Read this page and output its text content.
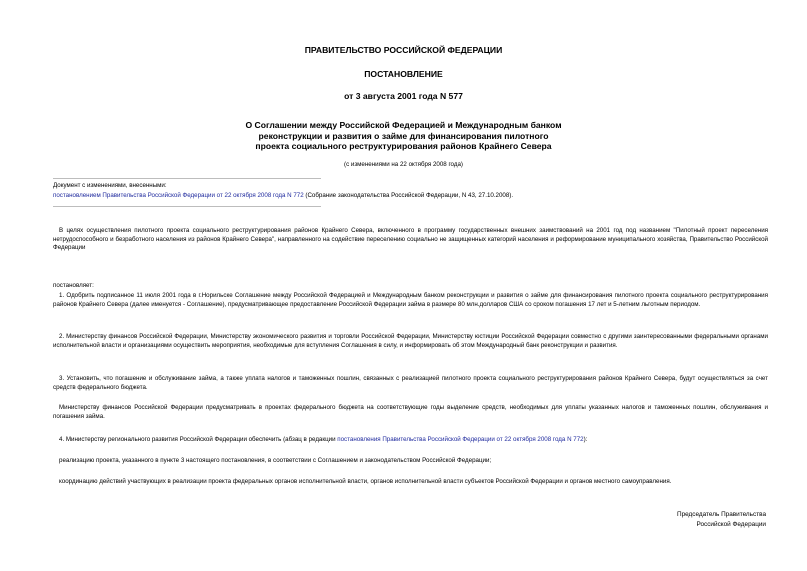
ПРАВИТЕЛЬСТВО РОССИЙСКОЙ ФЕДЕРАЦИИ
ПОСТАНОВЛЕНИЕ
от 3 августа 2001 года N 577
О Соглашении между Российской Федерацией и Международным банком
реконструкции и развития о займе для финансирования пилотного
проекта социального реструктурирования районов Крайнего Севера
(с изменениями на 22 октября 2008 года)
Документ с изменениями, внесенными:
постановлением Правительства Российской Федерации от 22 октября 2008 года N 772 (Собрание законодательства Российской Федерации, N 43, 27.10.2008).
В целях осуществления пилотного проекта социального реструктурирования районов Крайнего Севера, включенного в программу государственных внешних заимствований на 2001 год под названием "Пилотный проект переселения нетрудоспособного и безработного населения из районов Крайнего Севера", направленного на содействие переселению социально не защищенных категорий населения и реформирование муниципального хозяйства, Правительство Российской Федерации
постановляет:
1. Одобрить подписанное 11 июля 2001 года в г.Норильске Соглашение между Российской Федерацией и Международным банком реконструкции и развития о займе для финансирования пилотного проекта социального реструктурирования районов Крайнего Севера (далее именуется - Соглашение), предусматривающее предоставление Российской Федерации займа в размере 80 млн.долларов США со сроком погашения 17 лет и 5-летним льготным периодом.
2. Министерству финансов Российской Федерации, Министерству экономического развития и торговли Российской Федерации, Министерству юстиции Российской Федерации совместно с другими заинтересованными федеральными органами исполнительной власти и организациями осуществить мероприятия, необходимые для вступления Соглашения в силу, и информировать об этом Международный банк реконструкции и развития.
3. Установить, что погашение и обслуживание займа, а также уплата налогов и таможенных пошлин, связанных с реализацией пилотного проекта социального реструктурирования районов Крайнего Севера, будут осуществляться за счет средств федерального бюджета.
Министерству финансов Российской Федерации предусматривать в проектах федерального бюджета на соответствующие годы выделение средств, необходимых для уплаты указанных налогов и таможенных пошлин, обслуживания и погашения займа.
4. Министерству регионального развития Российской Федерации обеспечить (абзац в редакции постановления Правительства Российской Федерации от 22 октября 2008 года N 772):
реализацию проекта, указанного в пункте 3 настоящего постановления, в соответствии с Соглашением и законодательством Российской Федерации;
координацию действий участвующих в реализации проекта федеральных органов исполнительной власти, органов исполнительной власти субъектов Российской Федерации и органов местного самоуправления.
Председатель Правительства
Российской Федерации
